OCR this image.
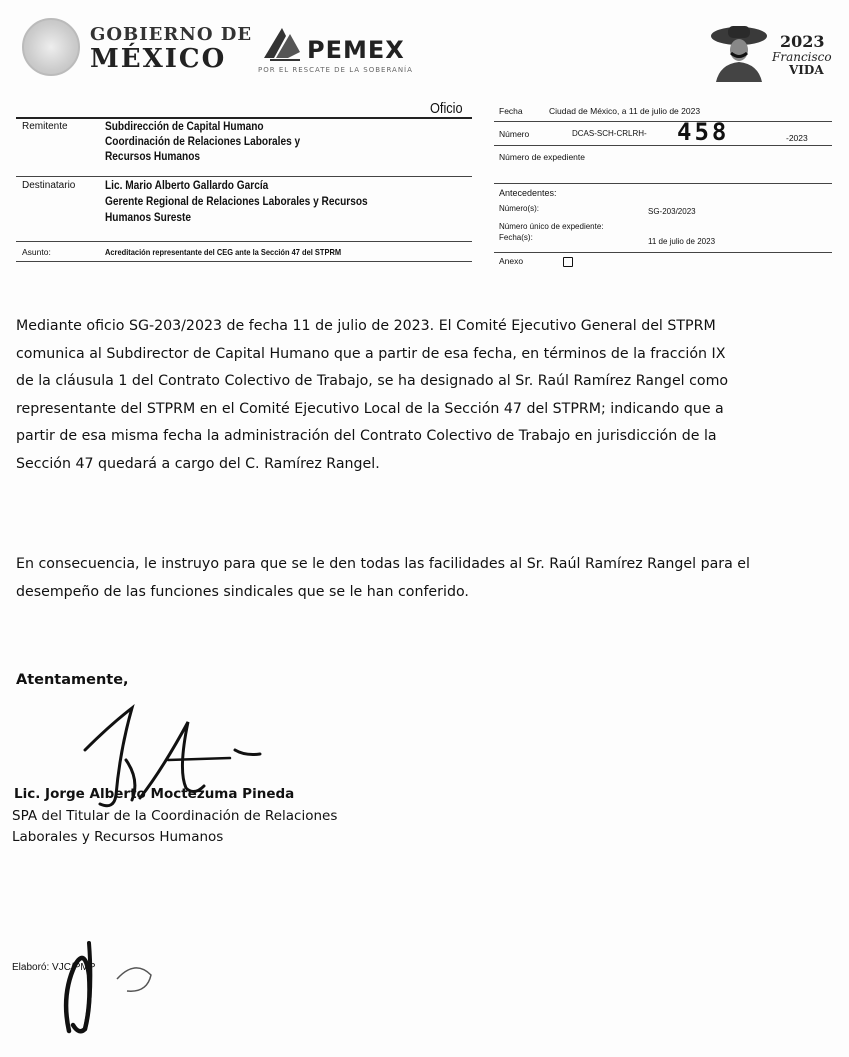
GOBIERNO DE
MÉXICO	PEMEX
POR EL RESCATE DE LA SOBERANÍA
2023
Francisco
VIDA
Oficio
Remitente	Subdirección de Capital Humano
Coordinación de Relaciones Laborales y
Recursos Humanos
Destinatario	Lic. Mario Alberto Gallardo García
Gerente Regional de Relaciones Laborales y Recursos
Humanos Sureste
Asunto:	Acreditación representante del CEG ante la Sección 47 del STPRM
Fecha	Ciudad de México, a 11 de julio de 2023
Número	DCAS-SCH-CRLRH- 458	-2023
Número de expediente
Antecedentes:
Número(s):	SG-203/2023
Número único de expediente:
Fecha(s):	11 de julio de 2023
Anexo
Mediante oficio SG-203/2023 de fecha 11 de julio de 2023. El Comité Ejecutivo General del STPRM
comunica al Subdirector de Capital Humano que a partir de esa fecha, en términos de la fracción IX
de la cláusula 1 del Contrato Colectivo de Trabajo, se ha designado al Sr. Raúl Ramírez Rangel como
representante del STPRM en el Comité Ejecutivo Local de la Sección 47 del STPRM; indicando que a
partir de esa misma fecha la administración del Contrato Colectivo de Trabajo en jurisdicción de la
Sección 47 quedará a cargo del C. Ramírez Rangel.
En consecuencia, le instruyo para que se le den todas las facilidades al Sr. Raúl Ramírez Rangel para el
desempeño de las funciones sindicales que se le han conferido.
Atentamente,
Lic. Jorge Alberto Moctezuma Pineda
SPA del Titular de la Coordinación de Relaciones
Laborales y Recursos Humanos
Elaboró: VJC/PMP
